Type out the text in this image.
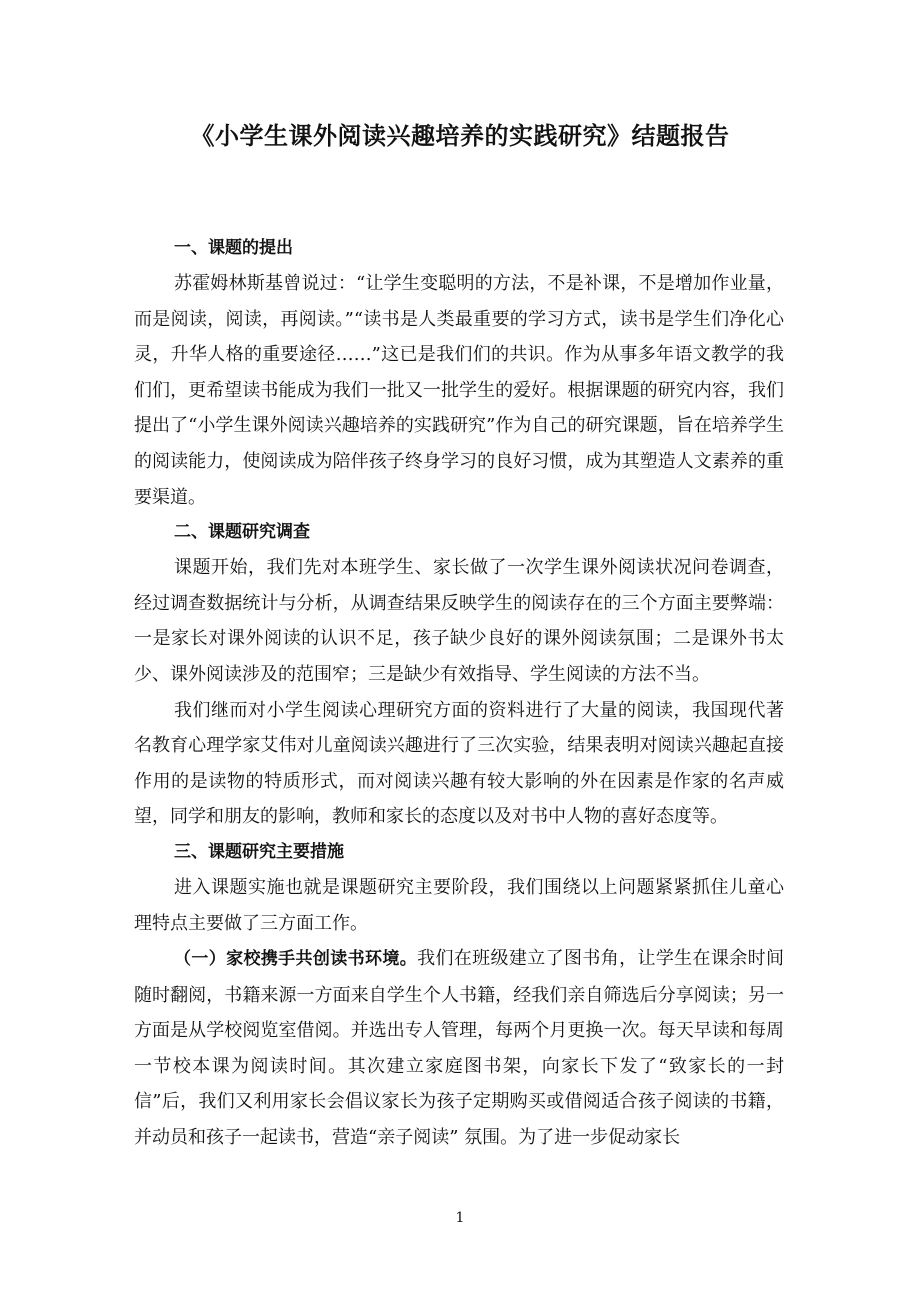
《小学生课外阅读兴趣培养的实践研究》结题报告
一、课题的提出

苏霍姆林斯基曾说过：“让学生变聪明的方法，不是补课，不是增加作业量，而是阅读，阅读，再阅读。”“读书是人类最重要的学习方式，读书是学生们净化心灵，升华人格的重要途径……”这已是我们们的共识。作为从事多年语文教学的我们们，更希望读书能成为我们一批又一批学生的爱好。根据课题的研究内容，我们提出了“小学生课外阅读兴趣培养的实践研究”作为自己的研究课题，旨在培养学生的阅读能力，使阅读成为陪伴孩子终身学习的良好习惯，成为其塑造人文素养的重要渠道。

二、课题研究调查

课题开始，我们先对本班学生、家长做了一次学生课外阅读状况问卷调查，经过调查数据统计与分析，从调查结果反映学生的阅读存在的三个方面主要弊端：一是家长对课外阅读的认识不足，孩子缺少良好的课外阅读氛围；二是课外书太少、课外阅读涉及的范围窄；三是缺少有效指导、学生阅读的方法不当。

我们继而对小学生阅读心理研究方面的资料进行了大量的阅读，我国现代著名教育心理学家艾伟对儿童阅读兴趣进行了三次实验，结果表明对阅读兴趣起直接作用的是读物的特质形式，而对阅读兴趣有较大影响的外在因素是作家的名声威望，同学和朋友的影响，教师和家长的态度以及对书中人物的喜好态度等。

三、课题研究主要措施

进入课题实施也就是课题研究主要阶段，我们围绕以上问题紧紧抓住儿童心理特点主要做了三方面工作。

（一）家校携手共创读书环境。我们在班级建立了图书角，让学生在课余时间随时翻阅，书籍来源一方面来自学生个人书籍，经我们亲自筛选后分享阅读；另一方面是从学校阅览室借阅。并选出专人管理，每两个月更换一次。每天早读和每周一节校本课为阅读时间。其次建立家庭图书架，向家长下发了“致家长的一封信”后，我们又利用家长会倡议家长为孩子定期购买或借阅适合孩子阅读的书籍，并动员和孩子一起读书，营造“亲子阅读” 氛围。为了进一步促动家长

1
